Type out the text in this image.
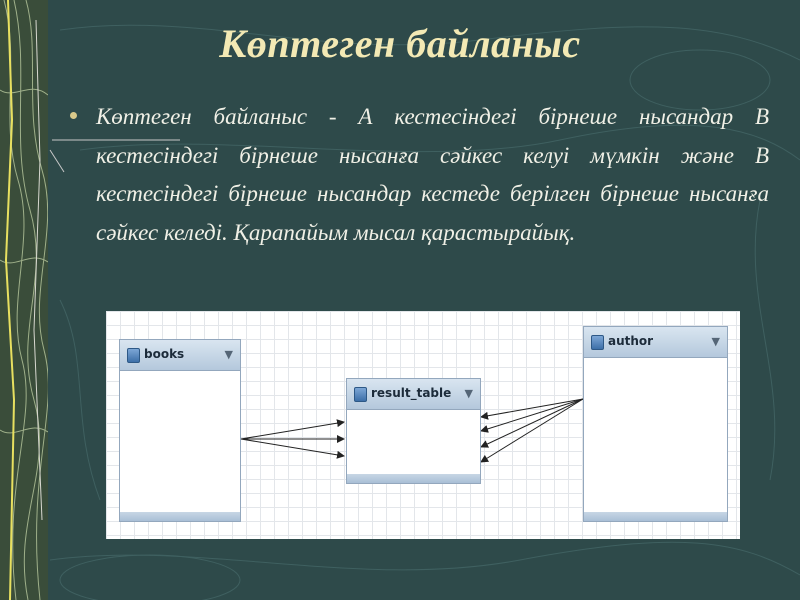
Көптеген байланыс

Көптеген байланыс - А кестесіндегі бірнеше нысандар В кестесіндегі бірнеше нысанға сәйкес келуі мүмкін және В кестесіндегі бірнеше нысандар кестеде берілген бірнеше нысанға сәйкес келеді. Қарапайым мысал қарастырайық.

books	▼
result_table ▼
author	▼
